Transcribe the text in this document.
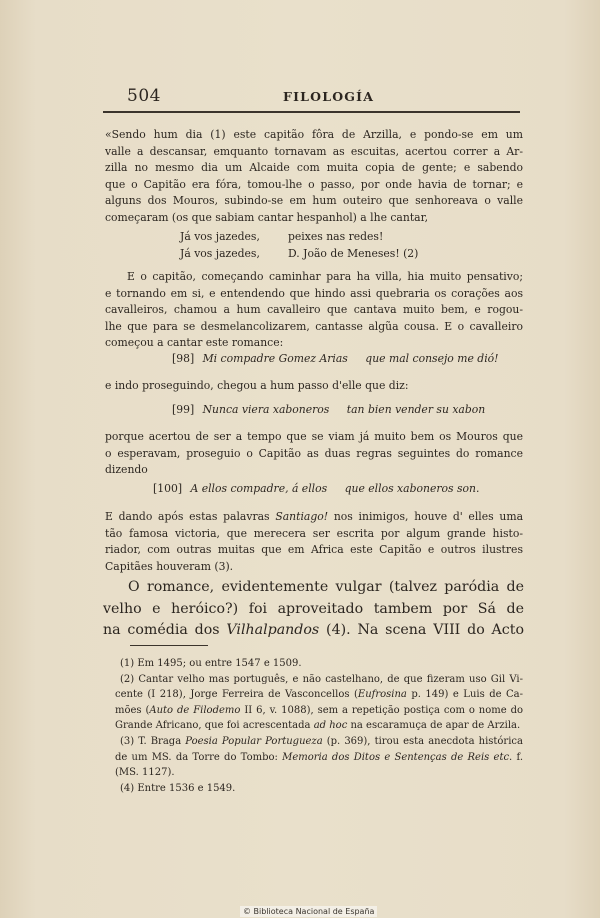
504	FILOLOGÍA
«Sendo hum dia (1) este capitão fôra de Arzilla, e pondo-se em um
valle a descansar, emquanto tornavam as escuitas, acertou correr a Ar-
zilla no mesmo dia um Alcaide com muita copia de gente; e sabendo
que o Capitão era fóra, tomou-lhe o passo, por onde havia de tornar; e
alguns dos Mouros, subindo-se em hum outeiro que senhoreava o valle
começaram (os que sabiam cantar hespanhol) a lhe cantar,
Já vos jazedes,	peixes nas redes!
Já vos jazedes,	D. João de Meneses! (2)
E o capitão, começando caminhar para ha villa, hia muito pensativo;
e tornando em si, e entendendo que hindo assi quebraria os corações aos
cavalleiros, chamou a hum cavalleiro que cantava muito bem, e rogou-
lhe que para se desmelancolizarem, cantasse algũa cousa. E o cavalleiro
começou a cantar este romance:
[98] Mi compadre Gomez Arias que mal consejo me dió!
e indo proseguindo, chegou a hum passo d'elle que diz:
[99] Nunca viera xaboneros tan bien vender su xabon
porque acertou de ser a tempo que se viam já muito bem os Mouros que
o esperavam, proseguio o Capitão as duas regras seguintes do romance
dizendo
[100] A ellos compadre, á ellos que ellos xaboneros son.
E dando após estas palavras Santiago! nos inimigos, houve d' elles uma
tão famosa victoria, que merecera ser escrita por algum grande histo-
riador, com outras muitas que em Africa este Capitão e outros ilustres
Capitães houveram (3).
O romance, evidentemente vulgar (talvez paródia de
velho e heróico?) foi aproveitado tambem por Sá de
na comédia dos Vilhalpandos (4). Na scena VIII do Acto
(1) Em 1495; ou entre 1547 e 1509.
(2) Cantar velho mas português, e não castelhano, de que fizeram uso Gil Vi-
cente (I 218), Jorge Ferreira de Vasconcellos (Eufrosina p. 149) e Luis de Ca-
mões (Auto de Filodemo II 6, v. 1088), sem a repetição postiça com o nome do
Grande Africano, que foi acrescentada ad hoc na escaramuça de apar de Arzila.
(3) T. Braga Poesia Popular Portugueza (p. 369), tirou esta anecdota histórica
de um MS. da Torre do Tombo: Memoria dos Ditos e Sentenças de Reis etc. f.
(MS. 1127).
(4) Entre 1536 e 1549.
© Biblioteca Nacional de España
